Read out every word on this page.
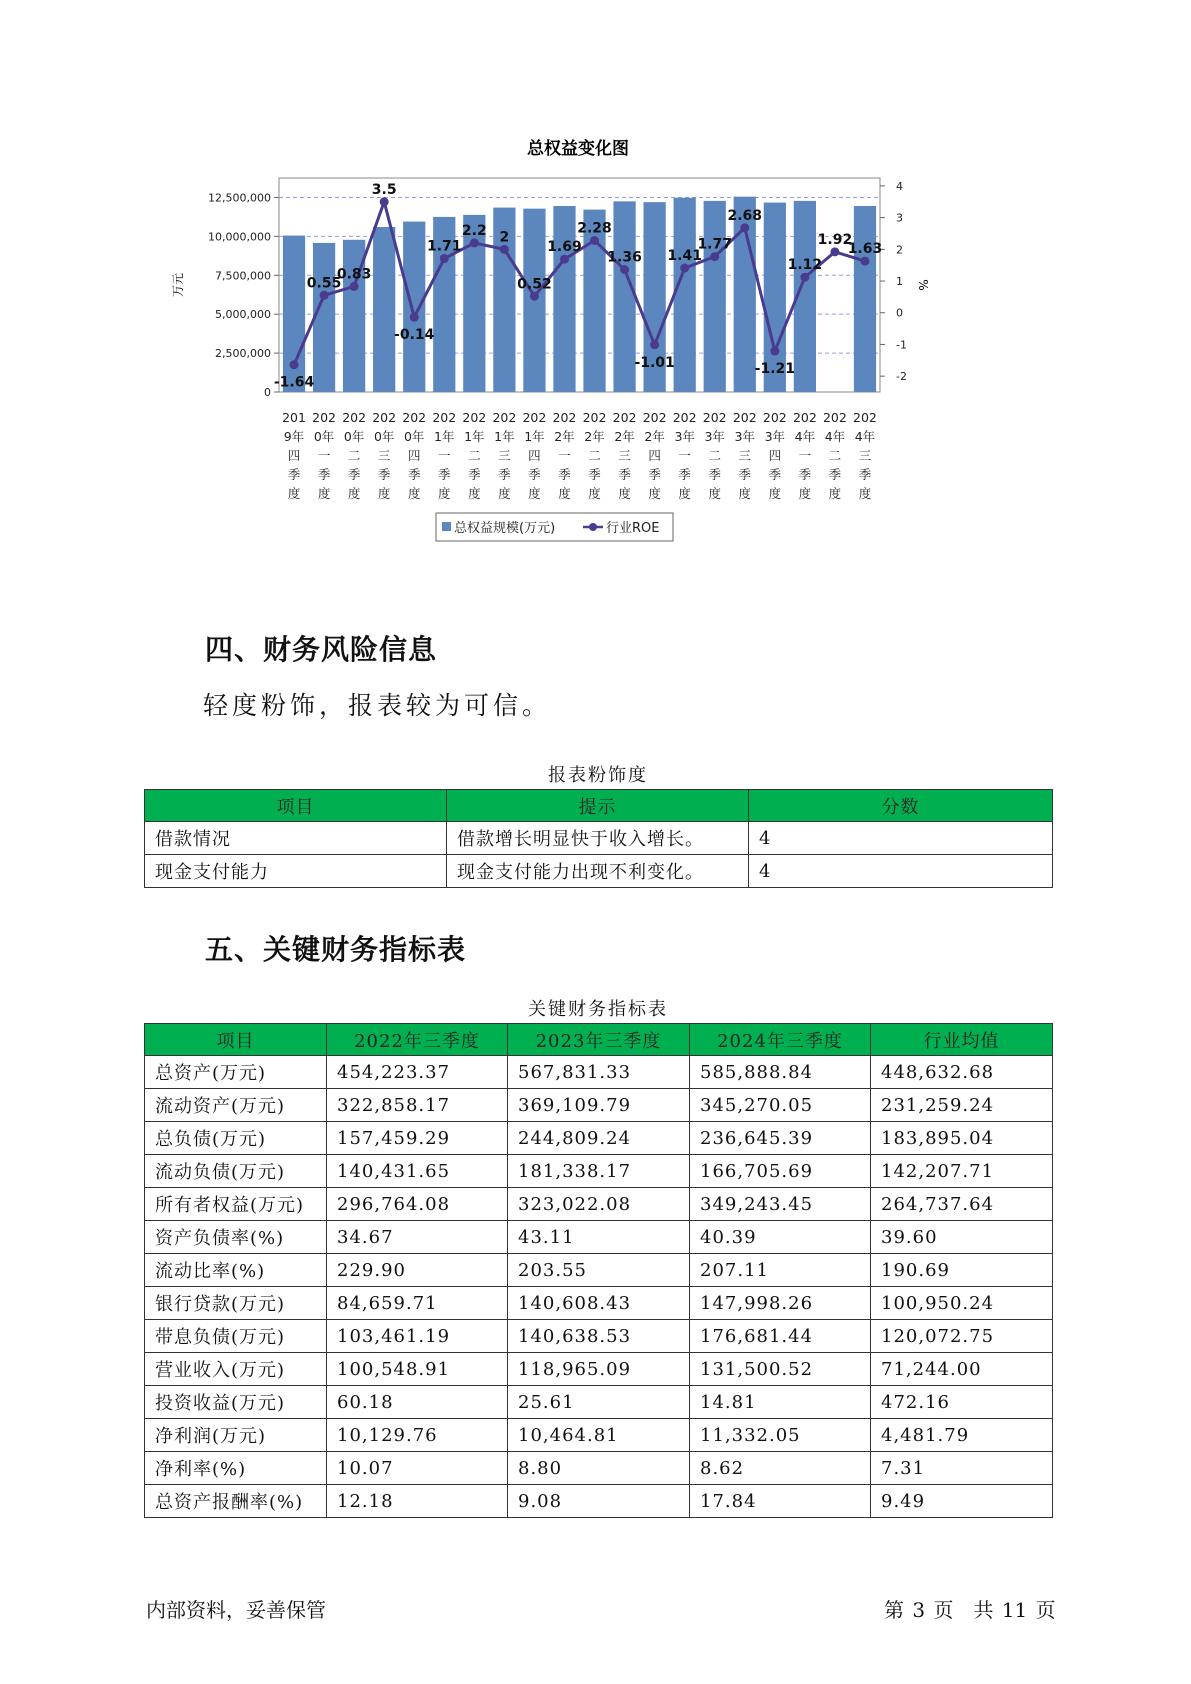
总权益变化图
0
2,500,000
5,000,000
7,500,000
10,000,000
12,500,000
-2
-1
0
1
2
3
4
万元	%
-1.64
0.55
0.83
3.5
-0.14
1.71
2.2 2
0.52
1.69
2.28
1.36
-1.01
1.41
1.77
2.68
-1.21
1.12
1.92
1.63
201
9年
四
季
度
202
0年
一
季
度
202
0年
二
季
度
202
0年
三
季
度
202
0年
四
季
度
202
1年
一
季
度
202
1年
二
季
度
202
1年
三
季
度
202
1年
四
季
度
202
2年
一
季
度
202
2年
二
季
度
202
2年
三
季
度
202
2年
四
季
度
202
3年
一
季
度
202
3年
二
季
度
202
3年
三
季
度
202
3年
四
季
度
202
4年
一
季
度
202
4年
二
季
度
202
4年
三
季
度
总权益规模(万元)	行业ROE
四、财务风险信息

轻度粉饰，报表较为可信。

报表粉饰度
项目	提示	分数
借款情况	借款增长明显快于收入增长。	4
现金支付能力	现金支付能力出现不利变化。	4
五、关键财务指标表
关键财务指标表
项目	2022年三季度	2023年三季度	2024年三季度	行业均值
总资产(万元)	454,223.37	567,831.33	585,888.84	448,632.68
流动资产(万元)	322,858.17	369,109.79	345,270.05	231,259.24
总负债(万元)	157,459.29	244,809.24	236,645.39	183,895.04
流动负债(万元)	140,431.65	181,338.17	166,705.69	142,207.71
所有者权益(万元)	296,764.08	323,022.08	349,243.45	264,737.64
资产负债率(%)	34.67	43.11	40.39	39.60
流动比率(%)	229.90	203.55	207.11	190.69
银行贷款(万元)	84,659.71	140,608.43	147,998.26	100,950.24
带息负债(万元)	103,461.19	140,638.53	176,681.44	120,072.75
营业收入(万元)	100,548.91	118,965.09	131,500.52	71,244.00
投资收益(万元)	60.18	25.61	14.81	472.16
净利润(万元)	10,129.76	10,464.81	11,332.05	4,481.79
净利率(%)	10.07	8.80	8.62	7.31
总资产报酬率(%)	12.18	9.08	17.84	9.49
内部资料，妥善保管	第 3 页　共 11 页
